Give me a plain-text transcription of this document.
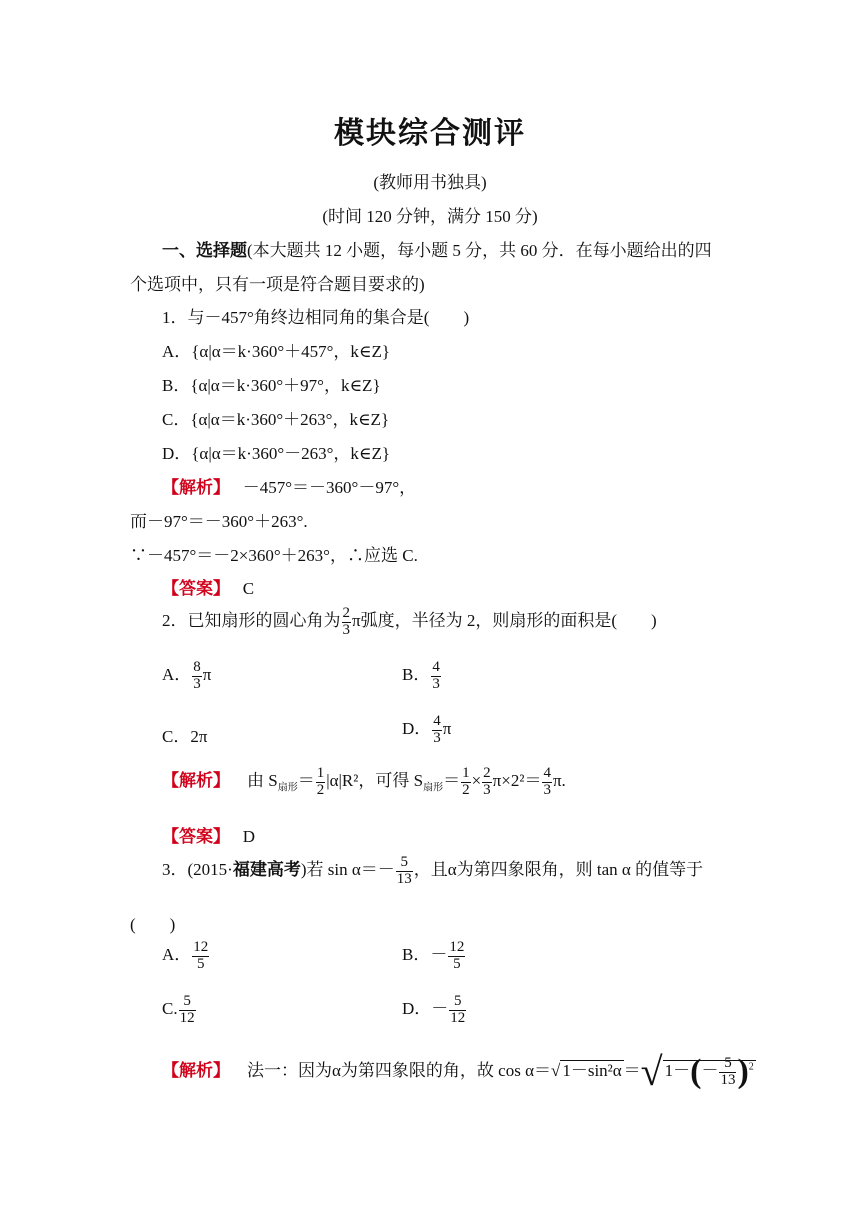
模块综合测评
(教师用书独具)
(时间 120 分钟，满分 150 分)
一、选择题(本大题共 12 小题，每小题 5 分，共 60 分．在每小题给出的四
个选项中，只有一项是符合题目要求的)
1．与－457°角终边相同角的集合是(　　)
A．{α|α＝k·360°＋457°，k∈Z}
B．{α|α＝k·360°＋97°，k∈Z}
C．{α|α＝k·360°＋263°，k∈Z}
D．{α|α＝k·360°－263°，k∈Z}
【解析】 －457°＝－360°－97°，
而－97°＝－360°＋263°.
∵－457°＝－2×360°＋263°，∴应选 C.
【答案】 C
2．已知扇形的圆心角为 $\frac{2}{3}$ π弧度，半径为 2，则扇形的面积是(　　)
A． $\frac{8}{3}$ π	B． $\frac{4}{3}$
C．2π	D． $\frac{4}{3}$ π
【解析】 由 $S_{扇形}= \frac{1}{2} |\alpha|R^2$，可得 $S_{扇形}= \frac{1}{2} \times \frac{2}{3} \pi\times 2^2= \frac{4}{3} \pi$.
【答案】 D
3．(2015·福建高考)若 $\sin \alpha=- \frac{5}{13}$ ，且α为第四象限角，则 tan α 的值等于
(　　)
A． $\frac{12}{5}$	B．－ $\frac{12}{5}$
C. $\frac{5}{12}$	D．－ $\frac{5}{12}$
【解析】 法一：因为α为第四象限的角，故 cos α＝√ 1－sin²α ＝√ $1-(- \frac{5}{13} )^2$
